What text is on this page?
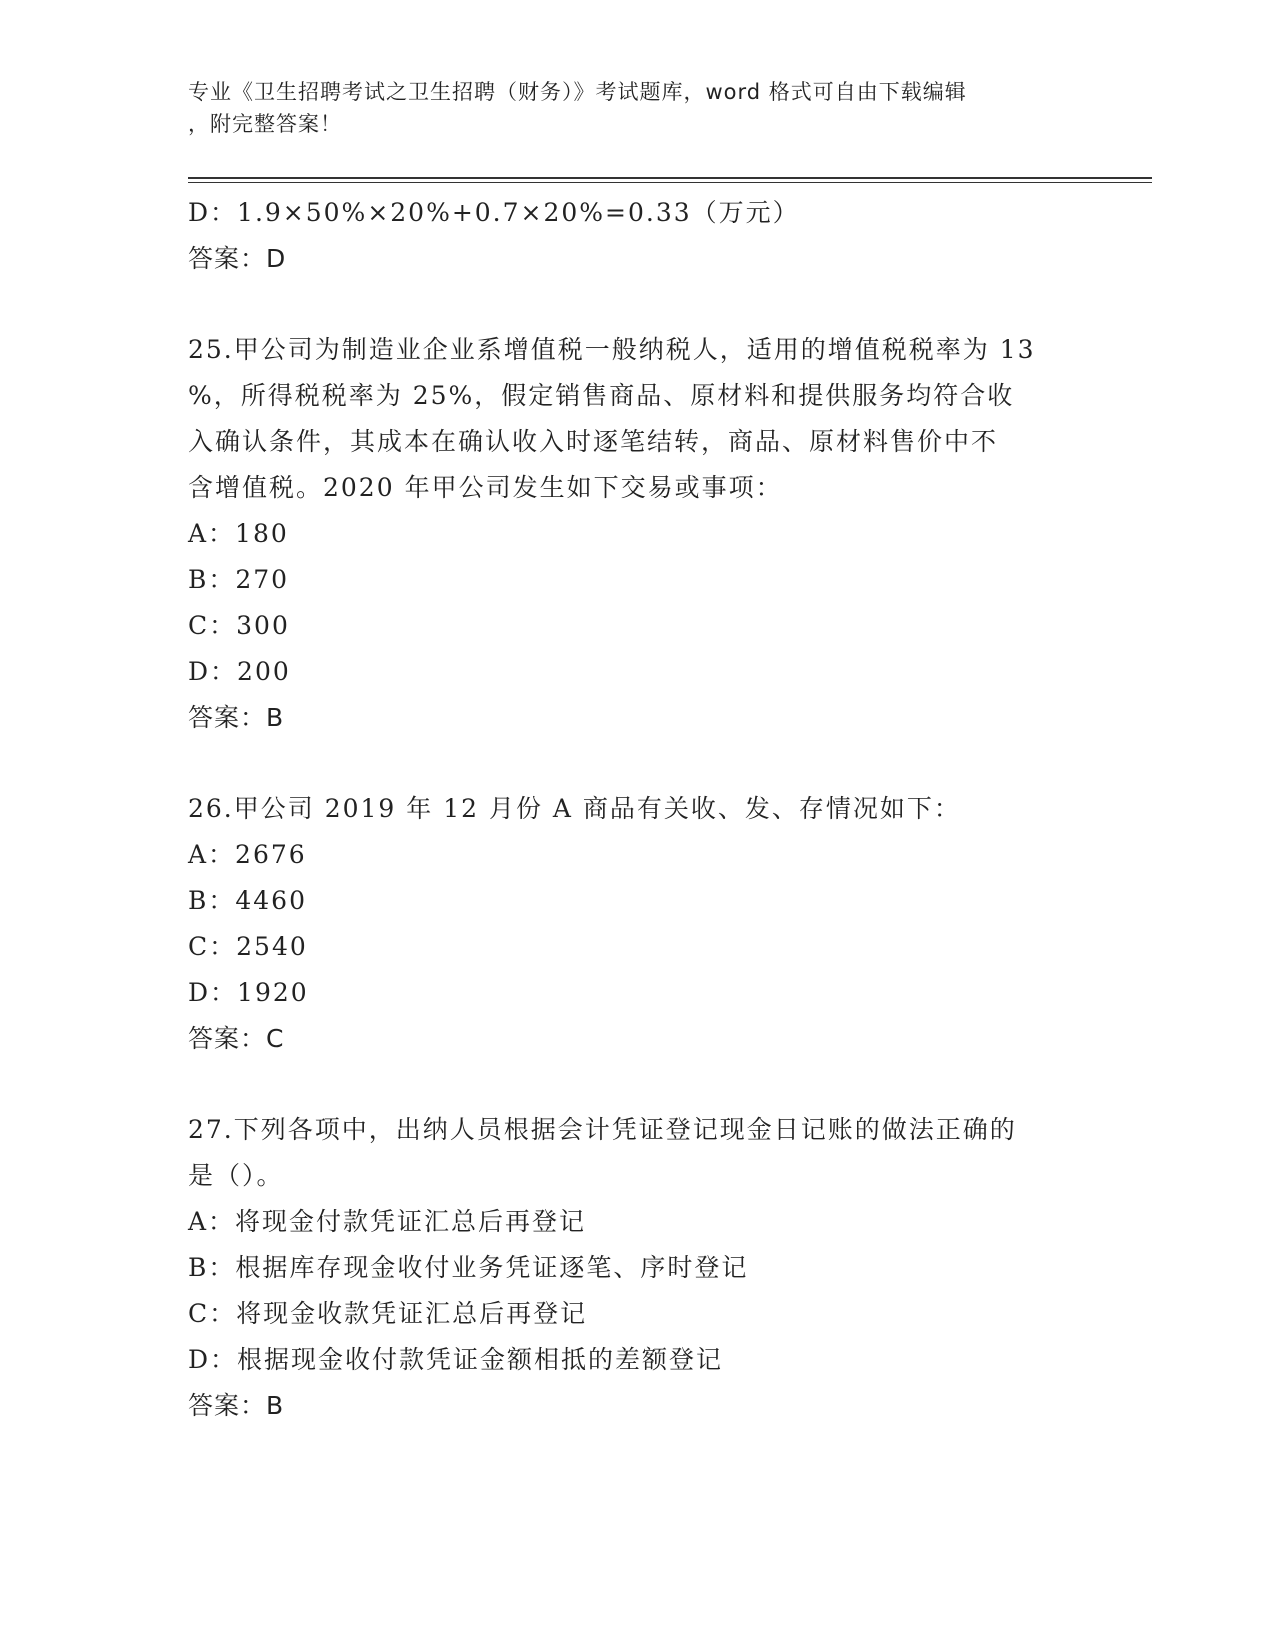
专业《卫生招聘考试之卫生招聘（财务）》考试题库，word 格式可自由下载编辑
，附完整答案！
D：1.9×50%×20%+0.7×20%=0.33（万元）
答案：D
25.甲公司为制造业企业系增值税一般纳税人，适用的增值税税率为 13
%，所得税税率为 25%，假定销售商品、原材料和提供服务均符合收
入确认条件，其成本在确认收入时逐笔结转，商品、原材料售价中不
含增值税。2020 年甲公司发生如下交易或事项：
A：180
B：270
C：300
D：200
答案：B
26.甲公司 2019 年 12 月份 A 商品有关收、发、存情况如下：
A：2676
B：4460
C：2540
D：1920
答案：C
27.下列各项中，出纳人员根据会计凭证登记现金日记账的做法正确的
是（）。
A：将现金付款凭证汇总后再登记
B：根据库存现金收付业务凭证逐笔、序时登记
C：将现金收款凭证汇总后再登记
D：根据现金收付款凭证金额相抵的差额登记
答案：B
